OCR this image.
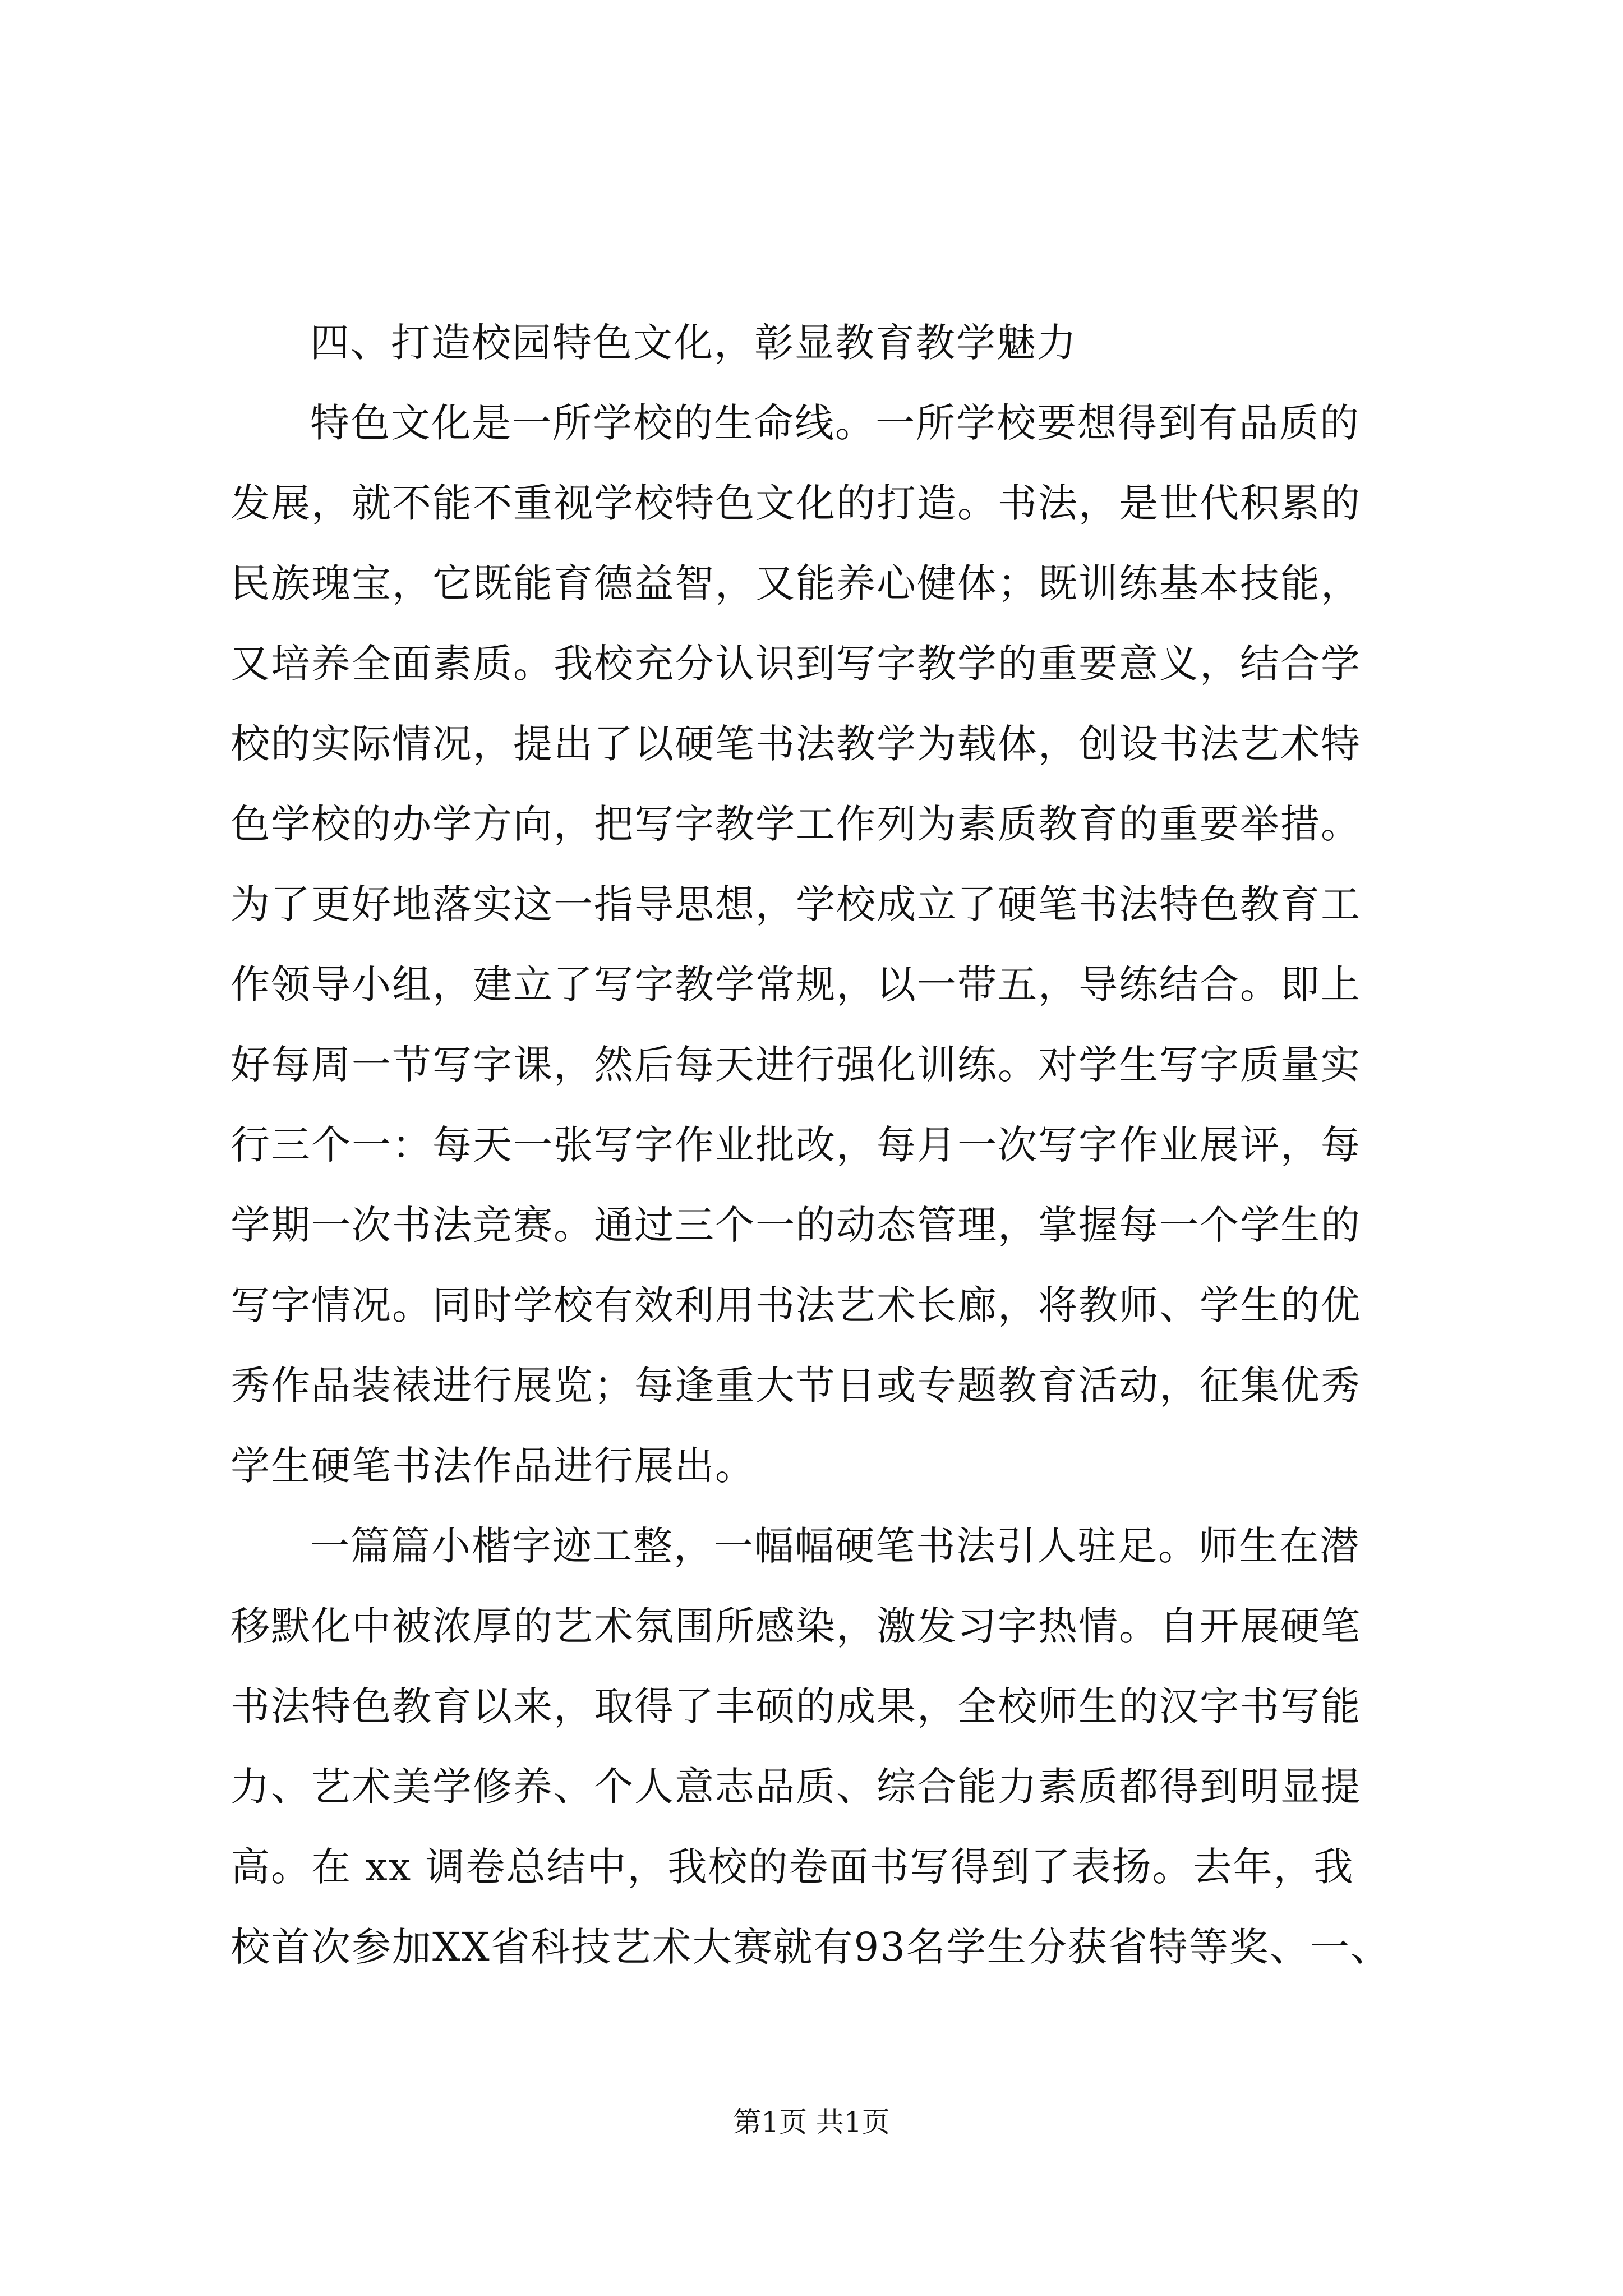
四、打造校园特色文化，彰显教育教学魅力
特色文化是一所学校的生命线。一所学校要想得到有品质的
发展，就不能不重视学校特色文化的打造。书法，是世代积累的
民族瑰宝，它既能育德益智，又能养心健体；既训练基本技能，
又培养全面素质。我校充分认识到写字教学的重要意义，结合学
校的实际情况，提出了以硬笔书法教学为载体，创设书法艺术特
色学校的办学方向，把写字教学工作列为素质教育的重要举措。
为了更好地落实这一指导思想，学校成立了硬笔书法特色教育工
作领导小组，建立了写字教学常规，以一带五，导练结合。即上
好每周一节写字课，然后每天进行强化训练。对学生写字质量实
行三个一：每天一张写字作业批改，每月一次写字作业展评，每
学期一次书法竞赛。通过三个一的动态管理，掌握每一个学生的
写字情况。同时学校有效利用书法艺术长廊，将教师、学生的优
秀作品装裱进行展览；每逢重大节日或专题教育活动，征集优秀
学生硬笔书法作品进行展出。
一篇篇小楷字迹工整，一幅幅硬笔书法引人驻足。师生在潜
移默化中被浓厚的艺术氛围所感染，激发习字热情。自开展硬笔
书法特色教育以来，取得了丰硕的成果，全校师生的汉字书写能
力、艺术美学修养、个人意志品质、综合能力素质都得到明显提
高。在 xx 调卷总结中，我校的卷面书写得到了表扬。去年，我
校首次参加XX省科技艺术大赛就有93名学生分获省特等奖、一、
第1页 共1页
